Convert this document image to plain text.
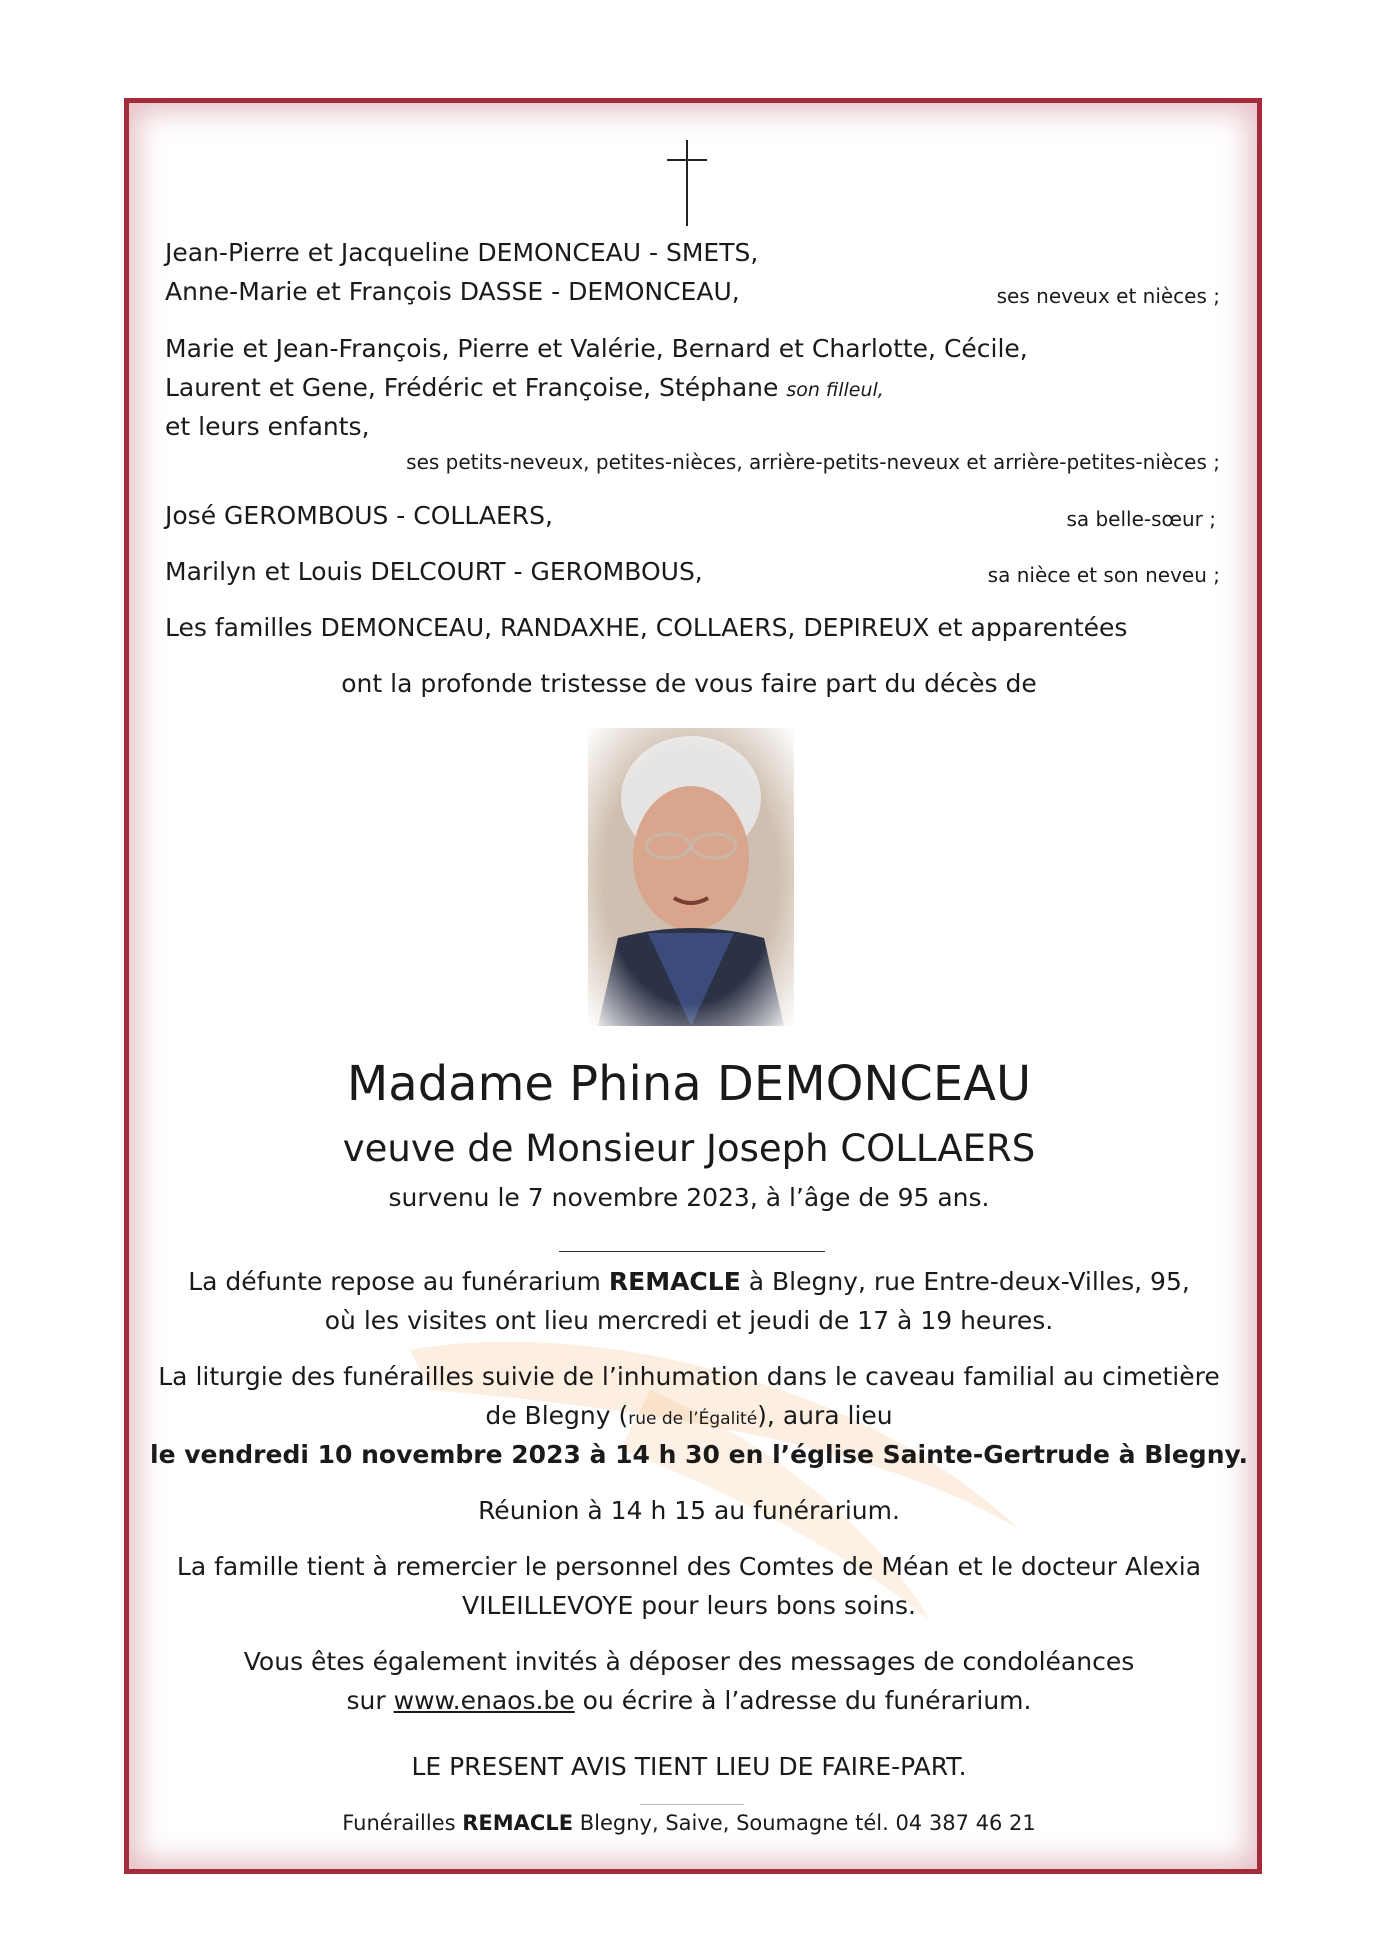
Jean-Pierre et Jacqueline DEMONCEAU - SMETS,
Anne-Marie et François DASSE - DEMONCEAU,	ses neveux et nièces ;
Marie et Jean-François, Pierre et Valérie, Bernard et Charlotte, Cécile,
Laurent et Gene, Frédéric et Françoise, Stéphane son filleul,
et leurs enfants,
ses petits-neveux, petites-nièces, arrière-petits-neveux et arrière-petites-nièces ;
José GEROMBOUS - COLLAERS,	sa belle-sœur ;
Marilyn et Louis DELCOURT - GEROMBOUS,	sa nièce et son neveu ;
Les familles DEMONCEAU, RANDAXHE, COLLAERS, DEPIREUX et apparentées
ont la profonde tristesse de vous faire part du décès de
Madame Phina DEMONCEAU
veuve de Monsieur Joseph COLLAERS
survenu le 7 novembre 2023, à l’âge de 95 ans.
La défunte repose au funérarium REMACLE à Blegny, rue Entre-deux-Villes, 95,
où les visites ont lieu mercredi et jeudi de 17 à 19 heures.
La liturgie des funérailles suivie de l’inhumation dans le caveau familial au cimetière
de Blegny (rue de l’Égalité), aura lieu
le vendredi 10 novembre 2023 à 14 h 30 en l’église Sainte-Gertrude à Blegny.
Réunion à 14 h 15 au funérarium.
La famille tient à remercier le personnel des Comtes de Méan et le docteur Alexia
VILEILLEVOYE pour leurs bons soins.
Vous êtes également invités à déposer des messages de condoléances
sur www.enaos.be ou écrire à l’adresse du funérarium.
LE PRESENT AVIS TIENT LIEU DE FAIRE-PART.
Funérailles REMACLE Blegny, Saive, Soumagne tél. 04 387 46 21
